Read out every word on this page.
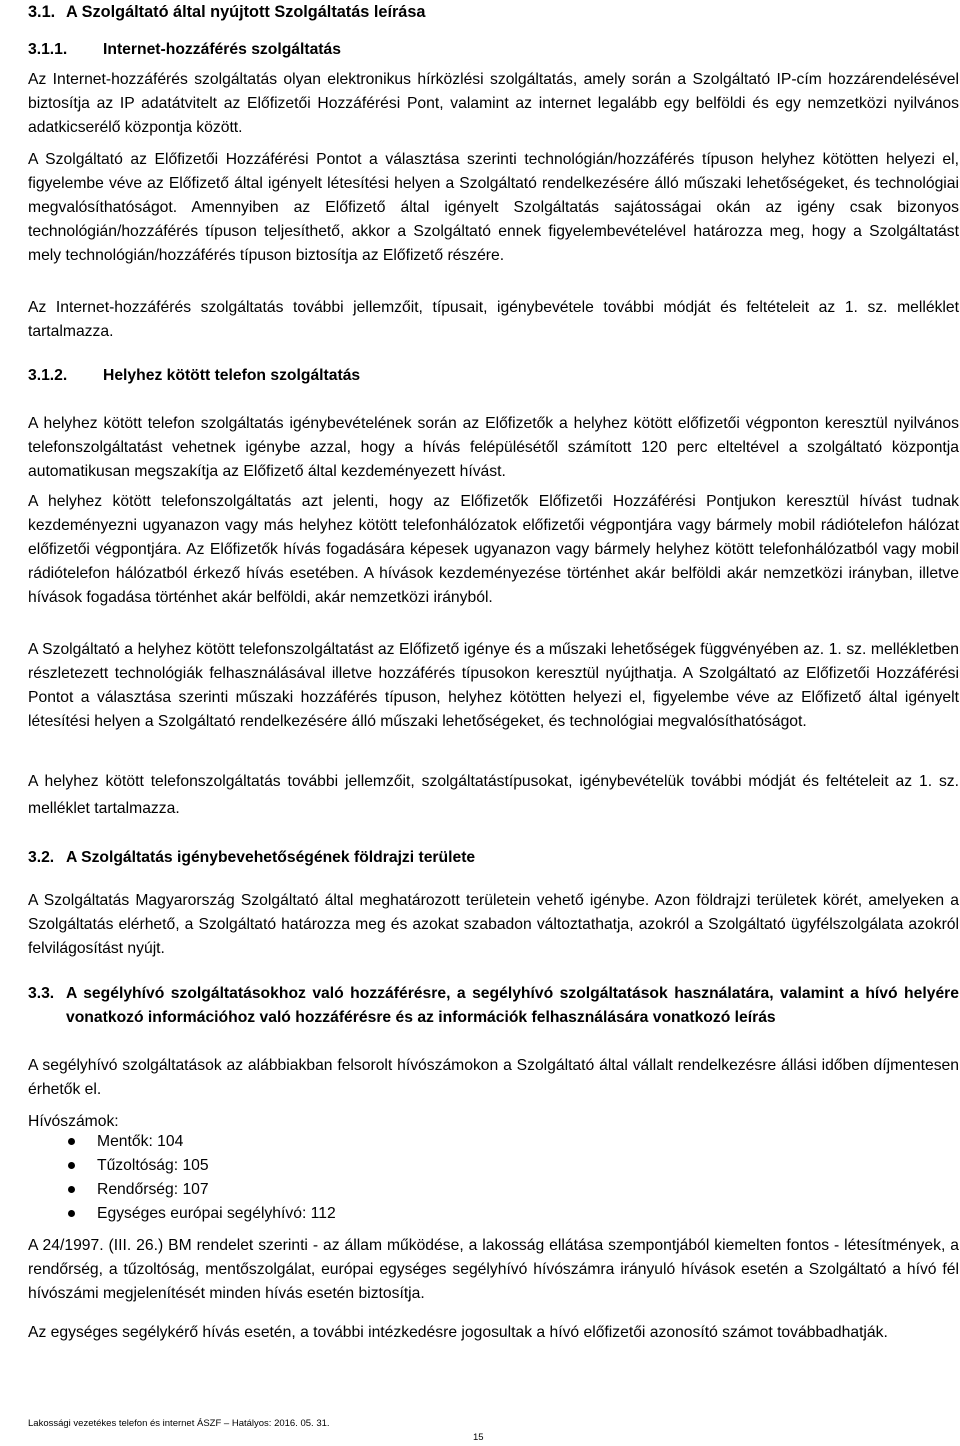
3.1. A Szolgáltató által nyújtott Szolgáltatás leírása
3.1.1. Internet-hozzáférés szolgáltatás

Az Internet-hozzáférés szolgáltatás olyan elektronikus hírközlési szolgáltatás, amely során a Szolgáltató IP-cím hozzárendelésével biztosítja az IP adatátvitelt az Előfizetői Hozzáférési Pont, valamint az internet legalább egy belföldi és egy nemzetközi nyilvános adatkicserélő központja között.

A Szolgáltató az Előfizetői Hozzáférési Pontot a választása szerinti technológián/hozzáférés típuson helyhez kötötten helyezi el, figyelembe véve az Előfizető által igényelt létesítési helyen a Szolgáltató rendelkezésére álló műszaki lehetőségeket, és technológiai megvalósíthatóságot. Amennyiben az Előfizető által igényelt Szolgáltatás sajátosságai okán az igény csak bizonyos technológián/hozzáférés típuson teljesíthető, akkor a Szolgáltató ennek figyelembevételével határozza meg, hogy a Szolgáltatást mely technológián/hozzáférés típuson biztosítja az Előfizető részére.

Az Internet-hozzáférés szolgáltatás további jellemzőit, típusait, igénybevétele további módját és feltételeit az 1. sz. melléklet tartalmazza.

3.1.2. Helyhez kötött telefon szolgáltatás

A helyhez kötött telefon szolgáltatás igénybevételének során az Előfizetők a helyhez kötött előfizetői végponton keresztül nyilvános telefonszolgáltatást vehetnek igénybe azzal, hogy a hívás felépülésétől számított 120 perc elteltével a szolgáltató központja automatikusan megszakítja az Előfizető által kezdeményezett hívást.

A helyhez kötött telefonszolgáltatás azt jelenti, hogy az Előfizetők Előfizetői Hozzáférési Pontjukon keresztül hívást tudnak kezdeményezni ugyanazon vagy más helyhez kötött telefonhálózatok előfizetői végpontjára vagy bármely mobil rádiótelefon hálózat előfizetői végpontjára. Az Előfizetők hívás fogadására képesek ugyanazon vagy bármely helyhez kötött telefonhálózatból vagy mobil rádiótelefon hálózatból érkező hívás esetében. A hívások kezdeményezése történhet akár belföldi akár nemzetközi irányban, illetve hívások fogadása történhet akár belföldi, akár nemzetközi irányból.

A Szolgáltató a helyhez kötött telefonszolgáltatást az Előfizető igénye és a műszaki lehetőségek függvényében az. 1. sz. mellékletben részletezett technológiák felhasználásával illetve hozzáférés típusokon keresztül nyújthatja. A Szolgáltató az Előfizetői Hozzáférési Pontot a választása szerinti műszaki hozzáférés típuson, helyhez kötötten helyezi el, figyelembe véve az Előfizető által igényelt létesítési helyen a Szolgáltató rendelkezésére álló műszaki lehetőségeket, és technológiai megvalósíthatóságot.

A helyhez kötött telefonszolgáltatás további jellemzőit, szolgáltatástípusokat, igénybevételük további módját és feltételeit az 1. sz. melléklet tartalmazza.

3.2. A Szolgáltatás igénybevehetőségének földrajzi területe

A Szolgáltatás Magyarország Szolgáltató által meghatározott területein vehető igénybe. Azon földrajzi területek körét, amelyeken a Szolgáltatás elérhető, a Szolgáltató határozza meg és azokat szabadon változtathatja, azokról a Szolgáltató ügyfélszolgálata azokról felvilágosítást nyújt.

3.3. A segélyhívó szolgáltatásokhoz való hozzáférésre, a segélyhívó szolgáltatások használatára, valamint a hívó helyére vonatkozó információhoz való hozzáférésre és az információk felhasználására vonatkozó leírás

A segélyhívó szolgáltatások az alábbiakban felsorolt hívószámokon a Szolgáltató által vállalt rendelkezésre állási időben díjmentesen érhetők el.

Hívószámok:

Mentők: 104
Tűzoltóság: 105
Rendőrség: 107
Egységes európai segélyhívó: 112

A 24/1997. (III. 26.) BM rendelet szerinti - az állam működése, a lakosság ellátása szempontjából kiemelten fontos - létesítmények, a rendőrség, a tűzoltóság, mentőszolgálat, európai egységes segélyhívó hívószámra irányuló hívások esetén a Szolgáltató a hívó fél hívószámi megjelenítését minden hívás esetén biztosítja.

Az egységes segélykérő hívás esetén, a további intézkedésre jogosultak a hívó előfizetői azonosító számot továbbadhatják.

Lakossági vezetékes telefon és internet ÁSZF – Hatályos: 2016. 05. 31.
15
